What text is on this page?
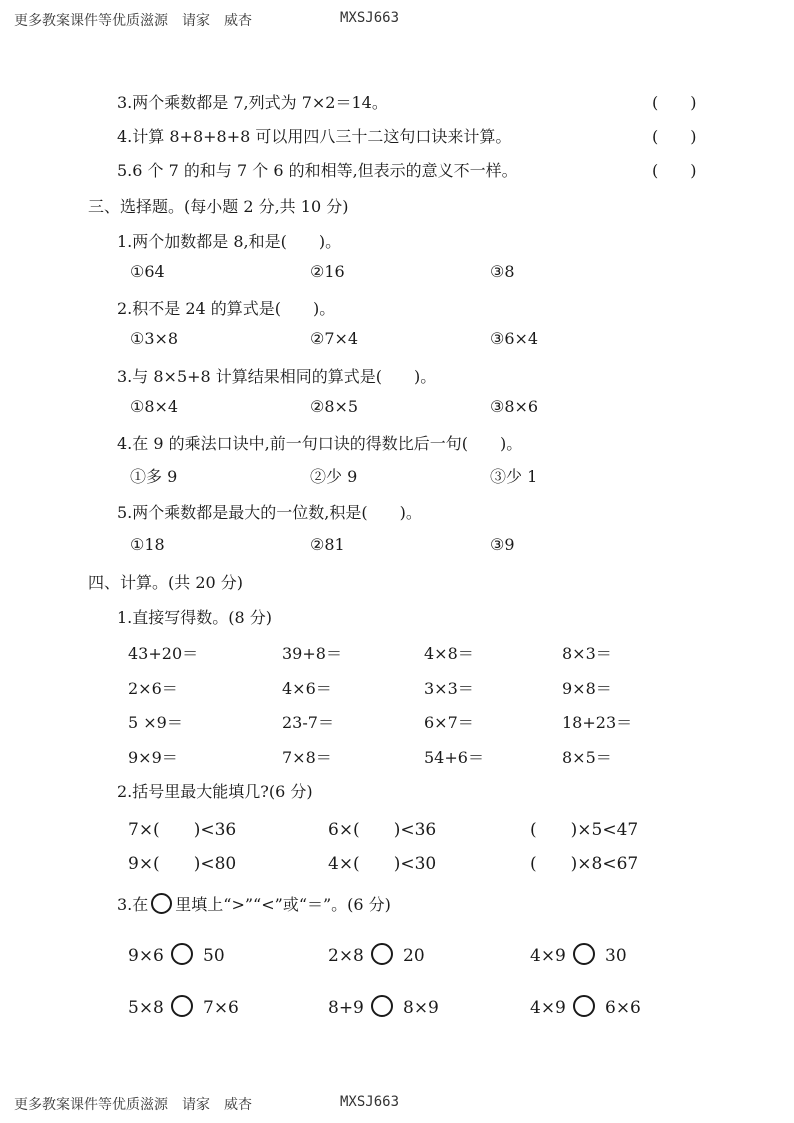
更多教案课件等优质滋源　请家　威杏	MXSJ663
3.两个乘数都是 7,列式为 7×2＝14。	(　　)
4.计算 8+8+8+8 可以用四八三十二这句口诀来计算。	(　　)
5.6 个 7 的和与 7 个 6 的和相等,但表示的意义不一样。	(　　)
三、选择题。(每小题 2 分,共 10 分)
1.两个加数都是 8,和是(　　)。
①64	②16	③8
2.积不是 24 的算式是(　　)。
①3×8	②7×4	③6×4
3.与 8×5+8 计算结果相同的算式是(　　)。
①8×4	②8×5	③8×6
4.在 9 的乘法口诀中,前一句口诀的得数比后一句(　　)。
①多 9	②少 9	③少 1
5.两个乘数都是最大的一位数,积是(　　)。
①18	②81	③9
四、计算。(共 20 分)
1.直接写得数。(8 分)
43+20＝	39+8＝	4×8＝	8×3＝
2×6＝	4×6＝	3×3＝	9×8＝
5 ×9＝	23-7＝	6×7＝	18+23＝
9×9＝	7×8＝	54+6＝	8×5＝
2.括号里最大能填几?(6 分)
7×(　　)<36	6×(　　)<36	(　　)×5<47
9×(　　)<80	4×(　　)<30	(　　)×8<67
3.在 里填上“>”“<”或“＝”。(6 分)
9×6 50	2×8 20	4×9 30
5×8 7×6	8+9 8×9	4×9 6×6
更多教案课件等优质滋源　请家　威杏	MXSJ663
